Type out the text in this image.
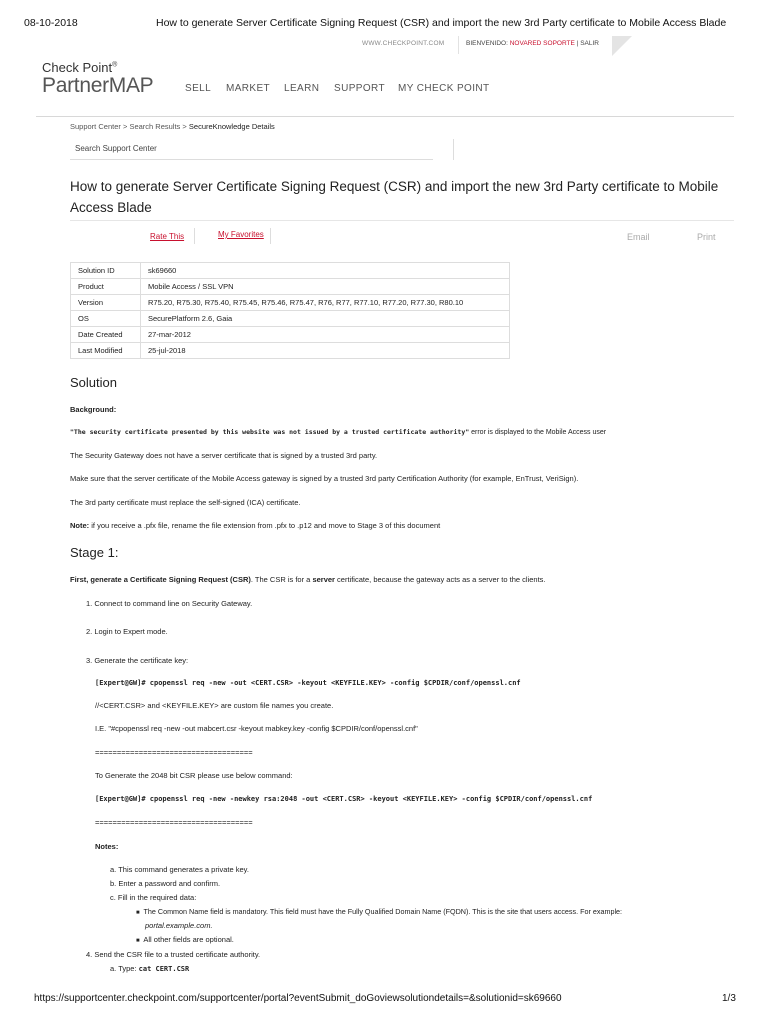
08-10-2018	How to generate Server Certificate Signing Request (CSR) and import the new 3rd Party certificate to Mobile Access Blade
WWW.CHECKPOINT.COM	BIENVENIDO: NOVARED SOPORTE | SALIR
Check Point®
PartnerMAP	SELL MARKET LEARN SUPPORT MY CHECK POINT
Support Center > Search Results > SecureKnowledge Details
Search Support Center
How to generate Server Certificate Signing Request (CSR) and import the new 3rd Party certificate to Mobile Access Blade
Rate This	My Favorites	Email	Print
Solution ID	sk69660
Product	Mobile Access / SSL VPN
Version	R75.20, R75.30, R75.40, R75.45, R75.46, R75.47, R76, R77, R77.10, R77.20, R77.30, R80.10
OS	SecurePlatform 2.6, Gaia
Date Created	27-mar-2012
Last Modified	25-jul-2018
Solution
Background:
"The security certificate presented by this website was not issued by a trusted certificate authority" error is displayed to the Mobile Access user
The Security Gateway does not have a server certificate that is signed by a trusted 3rd party.
Make sure that the server certificate of the Mobile Access gateway is signed by a trusted 3rd party Certification Authority (for example, EnTrust, VeriSign).
The 3rd party certificate must replace the self-signed (ICA) certificate.
Note: if you receive a .pfx file, rename the file extension from .pfx to .p12 and move to Stage 3 of this document
Stage 1:
First, generate a Certificate Signing Request (CSR). The CSR is for a server certificate, because the gateway acts as a server to the clients.
1. Connect to command line on Security Gateway.
2. Login to Expert mode.
3. Generate the certificate key:
[Expert@GW]# cpopenssl req -new -out <CERT.CSR> -keyout <KEYFILE.KEY> -config $CPDIR/conf/openssl.cnf
//<CERT.CSR> and <KEYFILE.KEY> are custom file names you create.
I.E. "#cpopenssl req -new -out mabcert.csr -keyout mabkey.key -config $CPDIR/conf/openssl.cnf"
====================================
To Generate the 2048 bit CSR please use below command:
[Expert@GW]# cpopenssl req -new -newkey rsa:2048 -out <CERT.CSR> -keyout <KEYFILE.KEY> -config $CPDIR/conf/openssl.cnf
====================================
Notes:
a. This command generates a private key.
b. Enter a password and confirm.
c. Fill in the required data:
■ The Common Name field is mandatory. This field must have the Fully Qualified Domain Name (FQDN). This is the site that users access. For example:
portal.example.com.
■ All other fields are optional.
4. Send the CSR file to a trusted certificate authority.
a. Type: cat CERT.CSR
https://supportcenter.checkpoint.com/supportcenter/portal?eventSubmit_doGoviewsolutiondetails=&solutionid=sk69660	1/3
